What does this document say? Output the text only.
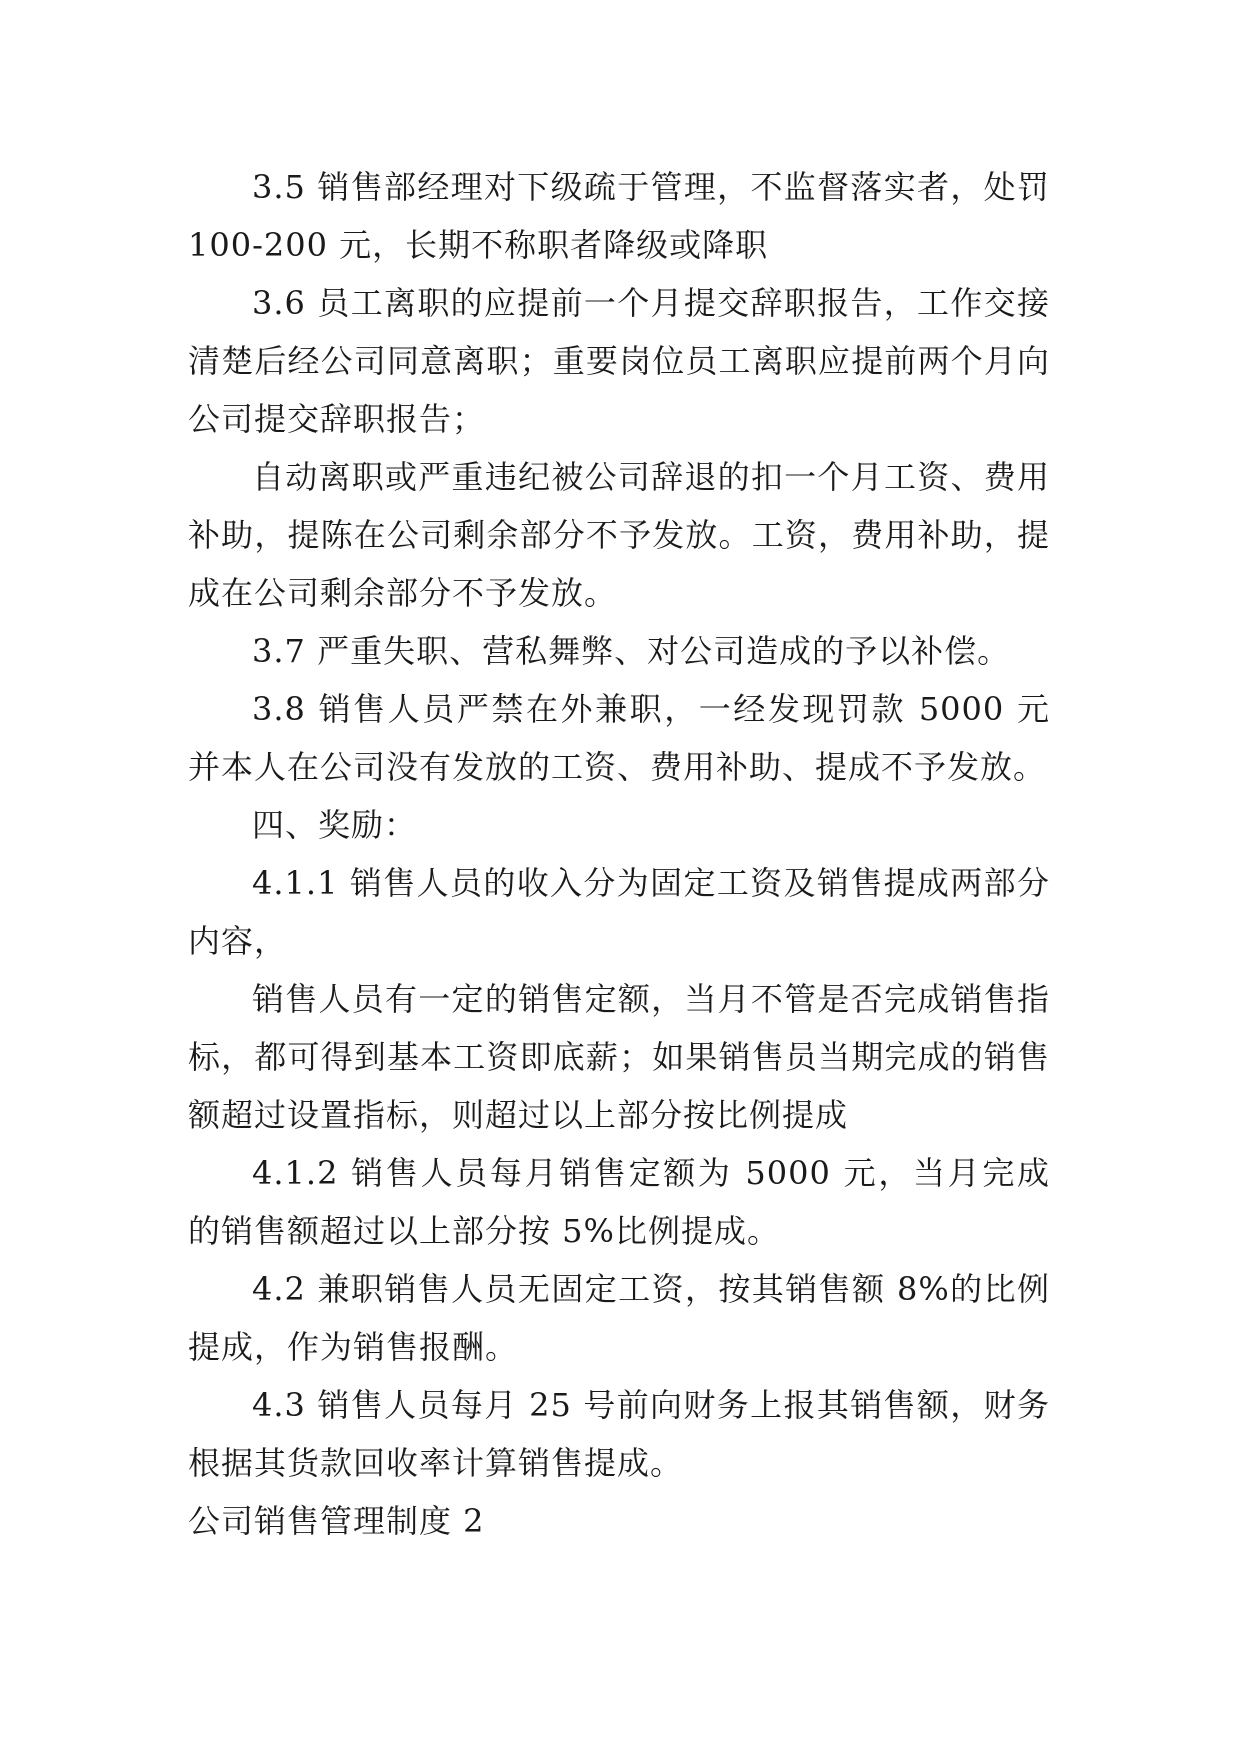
3.5 销售部经理对下级疏于管理，不监督落实者，处罚100-200 元，长期不称职者降级或降职

3.6 员工离职的应提前一个月提交辞职报告，工作交接清楚后经公司同意离职；重要岗位员工离职应提前两个月向公司提交辞职报告；

自动离职或严重违纪被公司辞退的扣一个月工资、费用补助，提陈在公司剩余部分不予发放。工资，费用补助，提成在公司剩余部分不予发放。

3.7 严重失职、营私舞弊、对公司造成的予以补偿。

3.8 销售人员严禁在外兼职，一经发现罚款 5000 元并本人在公司没有发放的工资、费用补助、提成不予发放。

四、奖励：

4.1.1 销售人员的收入分为固定工资及销售提成两部分内容，

销售人员有一定的销售定额，当月不管是否完成销售指标，都可得到基本工资即底薪；如果销售员当期完成的销售额超过设置指标，则超过以上部分按比例提成

4.1.2 销售人员每月销售定额为 5000 元，当月完成的销售额超过以上部分按 5%比例提成。

4.2 兼职销售人员无固定工资，按其销售额 8%的比例提成，作为销售报酬。

4.3 销售人员每月 25 号前向财务上报其销售额，财务根据其货款回收率计算销售提成。

公司销售管理制度 2
